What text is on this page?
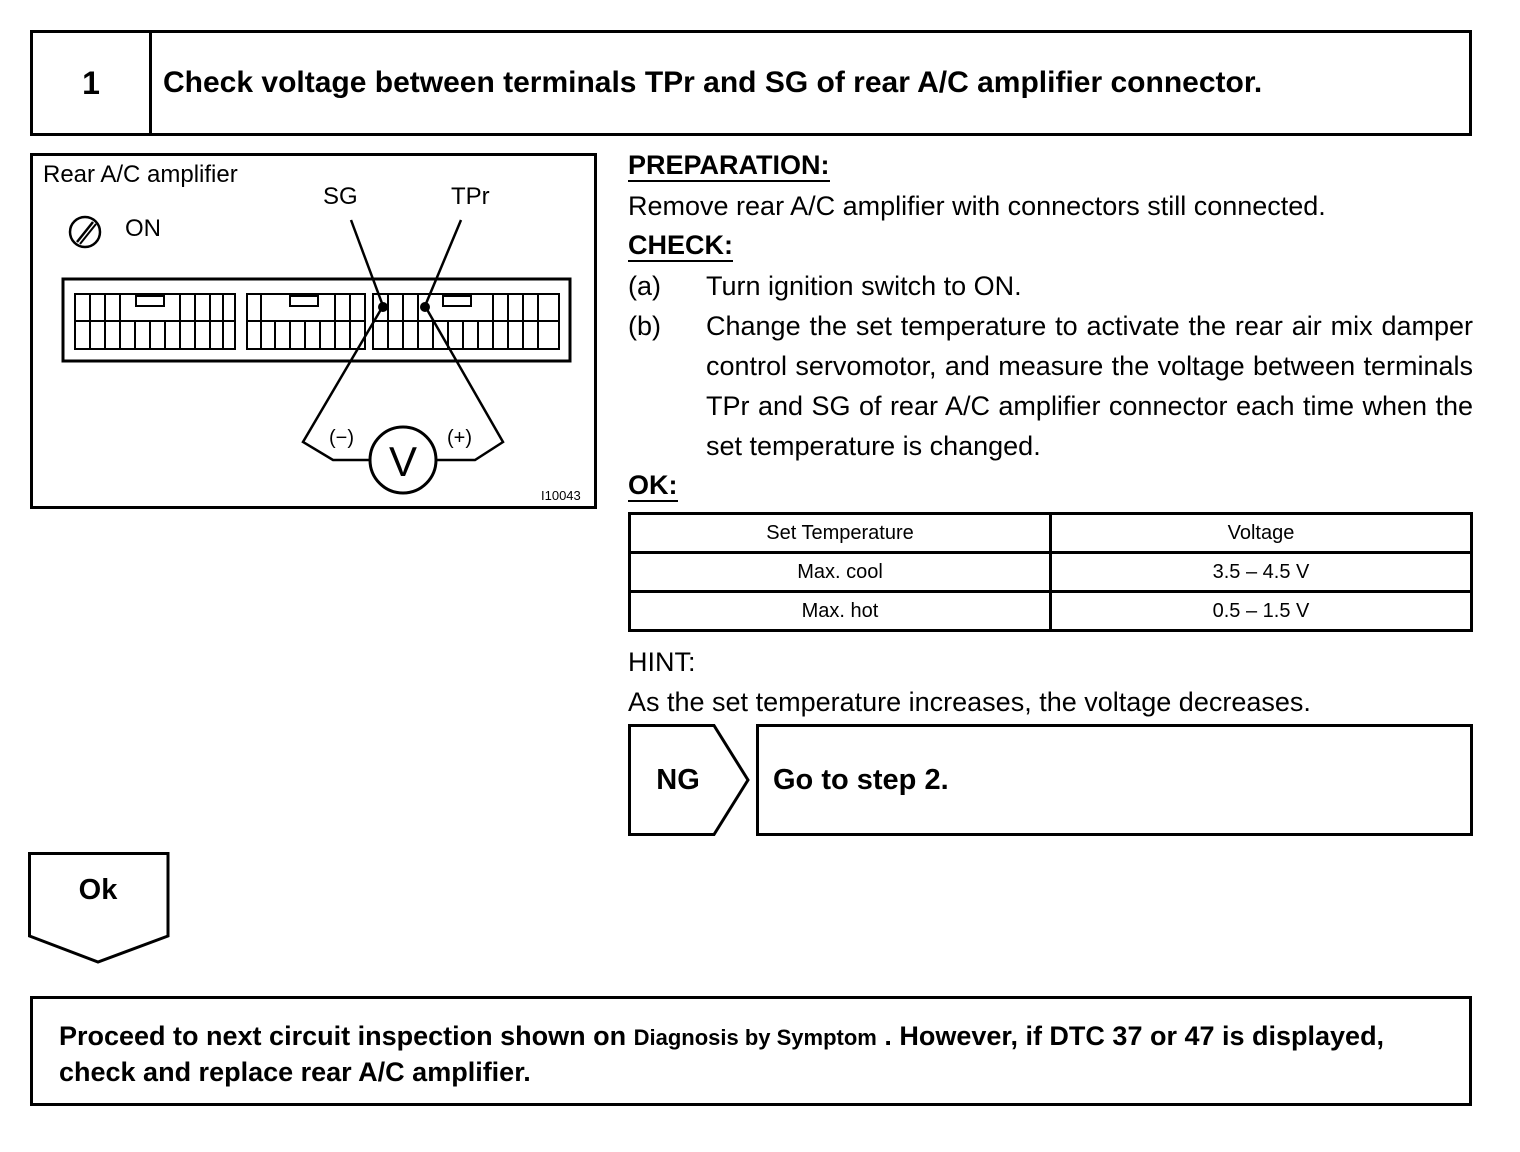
1	Check voltage between terminals TPr and SG of rear A/C amplifier connector.
Rear A/C amplifier
ON
SG	TPr
V
(−)	(+)
I10043
PREPARATION:
Remove rear A/C amplifier with connectors still connected.
CHECK:
(a) Turn ignition switch to ON.
(b) Change the set temperature to activate the rear air mix damper control servomotor, and measure the voltage between terminals TPr and SG of rear A/C amplifier connector each time when the set temperature is changed.
OK:
Set Temperature	Voltage
Max. cool	3.5 – 4.5 V
Max. hot	0.5 – 1.5 V
HINT:
As the set temperature increases, the voltage decreases.
NG	Go to step 2.
Ok
Proceed to next circuit inspection shown on Diagnosis by Symptom . However, if DTC 37 or 47 is displayed, check and replace rear A/C amplifier.
